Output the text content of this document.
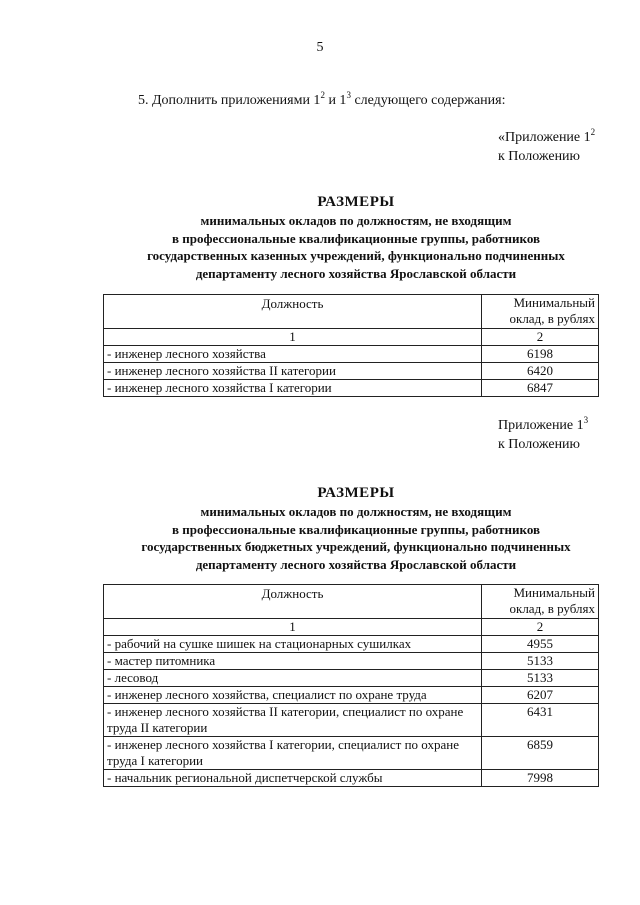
5
5. Дополнить приложениями $1^2$ и $1^3$ следующего содержания:
«Приложение $1^2$
к Положению
РАЗМЕРЫ
минимальных окладов по должностям, не входящим
в профессиональные квалификационные группы, работников
государственных казенных учреждений, функционально подчиненных
департаменту лесного хозяйства Ярославской области
Должность	Минимальный
оклад, в рублях

1	2
- инженер лесного хозяйства	6198
- инженер лесного хозяйства II категории	6420
- инженер лесного хозяйства I категории	6847
Приложение $1^3$
к Положению
РАЗМЕРЫ
минимальных окладов по должностям, не входящим
в профессиональные квалификационные группы, работников
государственных бюджетных учреждений, функционально подчиненных
департаменту лесного хозяйства Ярославской области
Должность	Минимальный
оклад, в рублях

1	2
- рабочий на сушке шишек на стационарных сушилках	4955
- мастер питомника	5133
- лесовод	5133
- инженер лесного хозяйства, специалист по охране труда	6207
- инженер лесного хозяйства II категории, специалист по охране труда II категории	6431
- инженер лесного хозяйства I категории, специалист по охране труда I категории	6859
- начальник региональной диспетчерской службы	7998
